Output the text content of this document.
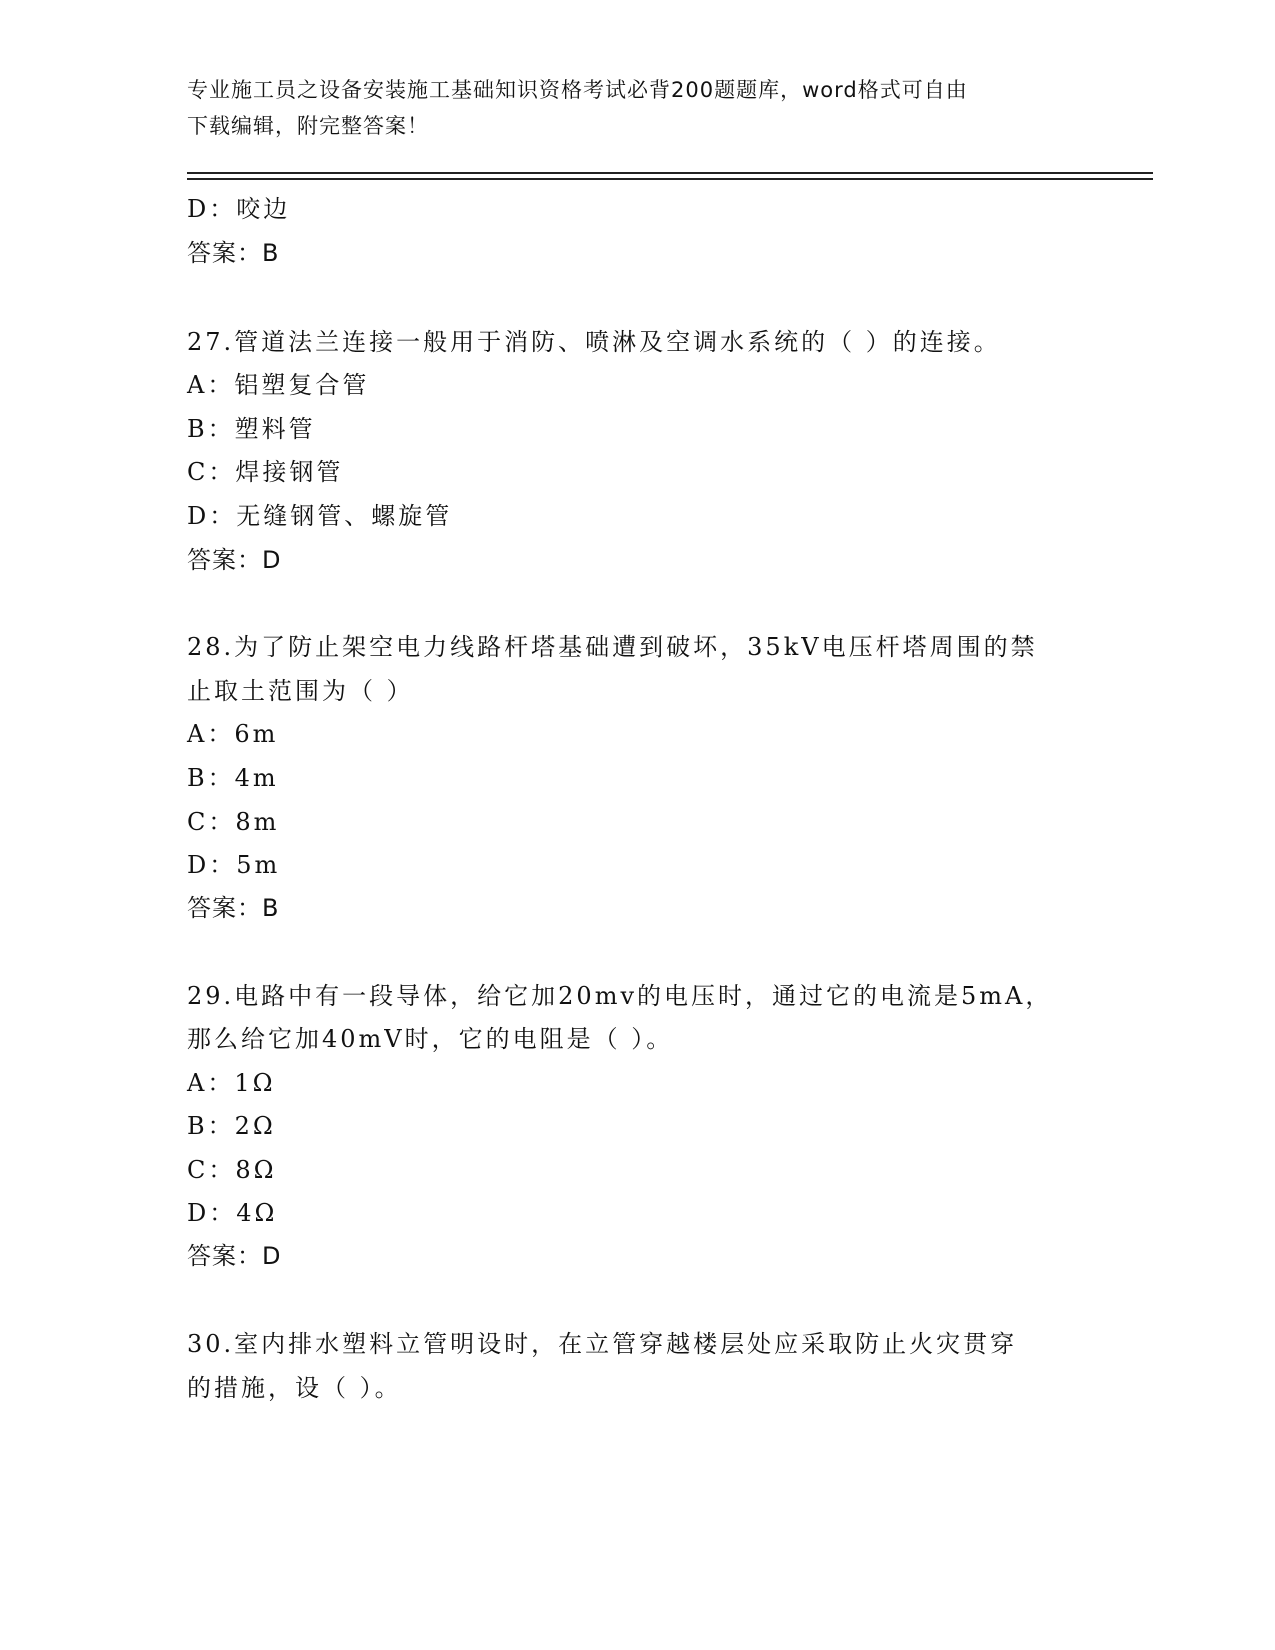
专业施工员之设备安装施工基础知识资格考试必背200题题库，word格式可自由
下载编辑，附完整答案！
D：咬边
答案：B
27.管道法兰连接一般用于消防、喷淋及空调水系统的（ ）的连接。
A：铝塑复合管
B：塑料管
C：焊接钢管
D：无缝钢管、螺旋管
答案：D
28.为了防止架空电力线路杆塔基础遭到破坏，35kV电压杆塔周围的禁
止取土范围为（ ）
A：6m
B：4m
C：8m
D：5m
答案：B
29.电路中有一段导体，给它加20mv的电压时，通过它的电流是5mA，
那么给它加40mV时，它的电阻是（ ）。
A：1Ω
B：2Ω
C：8Ω
D：4Ω
答案：D
30.室内排水塑料立管明设时，在立管穿越楼层处应采取防止火灾贯穿
的措施，设（ ）。
